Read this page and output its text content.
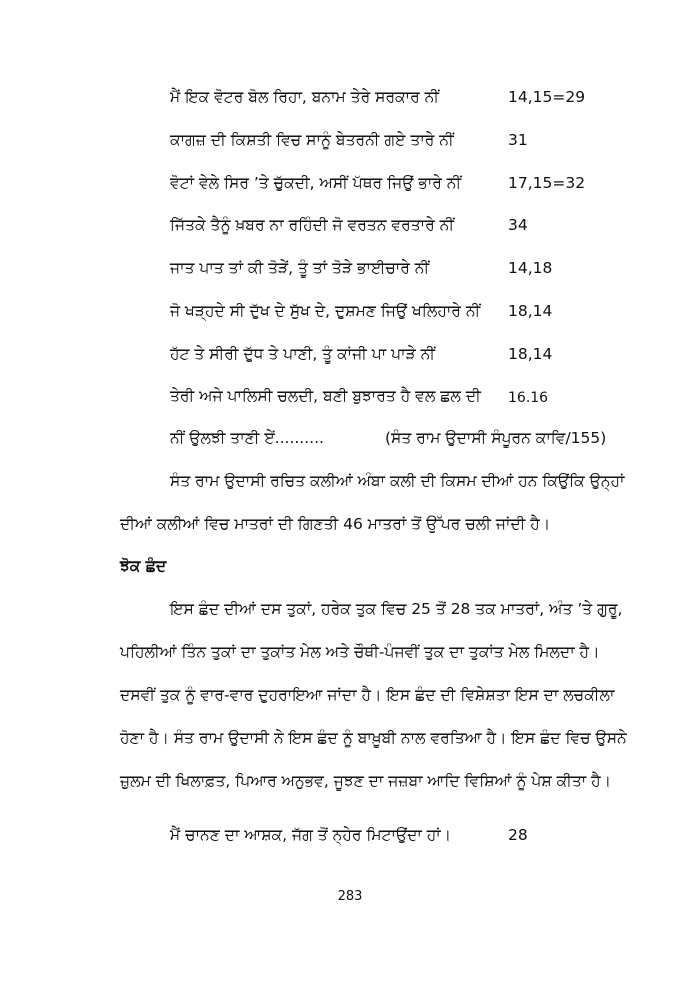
ਮੈਂ ਇਕ ਵੋਟਰ ਬੋਲ ਰਿਹਾ, ਬਨਾਮ ਤੇਰੇ ਸਰਕਾਰ ਨੀਂ	14,15=29
ਕਾਗਜ਼ ਦੀ ਕਿਸ਼ਤੀ ਵਿਚ ਸਾਨੂੰ ਬੇਤਰਨੀ ਗਏ ਤਾਰੇ ਨੀਂ	31
ਵੋਟਾਂ ਵੇਲੇ ਸਿਰ ’ਤੇ ਚੁੱਕਦੀ, ਅਸੀਂ ਪੱਥਰ ਜਿਉਂ ਭਾਰੇ ਨੀਂ	17,15=32
ਜਿੱਤਕੇ ਤੈਨੂੰ ਖ਼ਬਰ ਨਾ ਰਹਿੰਦੀ ਜੋ ਵਰਤਨ ਵਰਤਾਰੇ ਨੀਂ	34
ਜਾਤ ਪਾਤ ਤਾਂ ਕੀ ਤੋੜੇਂ, ਤੂੰ ਤਾਂ ਤੋੜੇ ਭਾਈਚਾਰੇ ਨੀਂ	14,18
ਜੋ ਖੜ੍ਹਦੇ ਸੀ ਦੁੱਖ ਦੇ ਸੁੱਖ ਦੇ, ਦੁਸ਼ਮਣ ਜਿਉਂ ਖਲਿਹਾਰੇ ਨੀਂ 18,14
ਹੱਟ ਤੇ ਸੀਰੀ ਦੁੱਧ ਤੇ ਪਾਣੀ, ਤੂੰ ਕਾਂਜੀ ਪਾ ਪਾੜੇ ਨੀਂ	18,14
ਤੇਰੀ ਅਜੇ ਪਾਲਿਸੀ ਚਲਦੀ, ਬਣੀ ਬੁਝਾਰਤ ਹੈ ਵਲ ਛਲ ਦੀ 16.16
ਨੀਂ ਉਲਝੀ ਤਾਣੀ ਏਂ..........	(ਸੰਤ ਰਾਮ ਉਦਾਸੀ ਸੰਪੂਰਨ ਕਾਵਿ/155)
ਸੰਤ ਰਾਮ ਉਦਾਸੀ ਰਚਿਤ ਕਲੀਆਂ ਅੰਬਾ ਕਲੀ ਦੀ ਕਿਸਮ ਦੀਆਂ ਹਨ ਕਿਉਂਕਿ ਉਨ੍ਹਾਂ
ਦੀਆਂ ਕਲੀਆਂ ਵਿਚ ਮਾਤਰਾਂ ਦੀ ਗਿਣਤੀ 46 ਮਾਤਰਾਂ ਤੋਂ ਉੱਪਰ ਚਲੀ ਜਾਂਦੀ ਹੈ।
ਝੋਕ ਛੰਦ
ਇਸ ਛੰਦ ਦੀਆਂ ਦਸ ਤੁਕਾਂ, ਹਰੇਕ ਤੁਕ ਵਿਚ 25 ਤੋਂ 28 ਤਕ ਮਾਤਰਾਂ, ਅੰਤ ’ਤੇ ਗੁਰੂ,
ਪਹਿਲੀਆਂ ਤਿੰਨ ਤੁਕਾਂ ਦਾ ਤੁਕਾਂਤ ਮੇਲ ਅਤੇ ਚੌਥੀ-ਪੰਜਵੀਂ ਤੁਕ ਦਾ ਤੁਕਾਂਤ ਮੇਲ ਮਿਲਦਾ ਹੈ।
ਦਸਵੀਂ ਤੁਕ ਨੂੰ ਵਾਰ-ਵਾਰ ਦੁਹਰਾਇਆ ਜਾਂਦਾ ਹੈ। ਇਸ ਛੰਦ ਦੀ ਵਿਸ਼ੇਸ਼ਤਾ ਇਸ ਦਾ ਲਚਕੀਲਾ
ਹੋਣਾ ਹੈ। ਸੰਤ ਰਾਮ ਉਦਾਸੀ ਨੇ ਇਸ ਛੰਦ ਨੂੰ ਬਾਖ਼ੂਬੀ ਨਾਲ ਵਰਤਿਆ ਹੈ। ਇਸ ਛੰਦ ਵਿਚ ਉਸਨੇ
ਜ਼ੁਲਮ ਦੀ ਖਿਲਾਫ਼ਤ, ਪਿਆਰ ਅਨੁਭਵ, ਜੂਝਣ ਦਾ ਜਜ਼ਬਾ ਆਦਿ ਵਿਸ਼ਿਆਂ ਨੂੰ ਪੇਸ਼ ਕੀਤਾ ਹੈ।
ਮੈਂ ਚਾਨਣ ਦਾ ਆਸ਼ਕ, ਜੱਗ ਤੋਂ ਨ੍ਹੇਰ ਮਿਟਾਉਂਦਾ ਹਾਂ।	28
283
